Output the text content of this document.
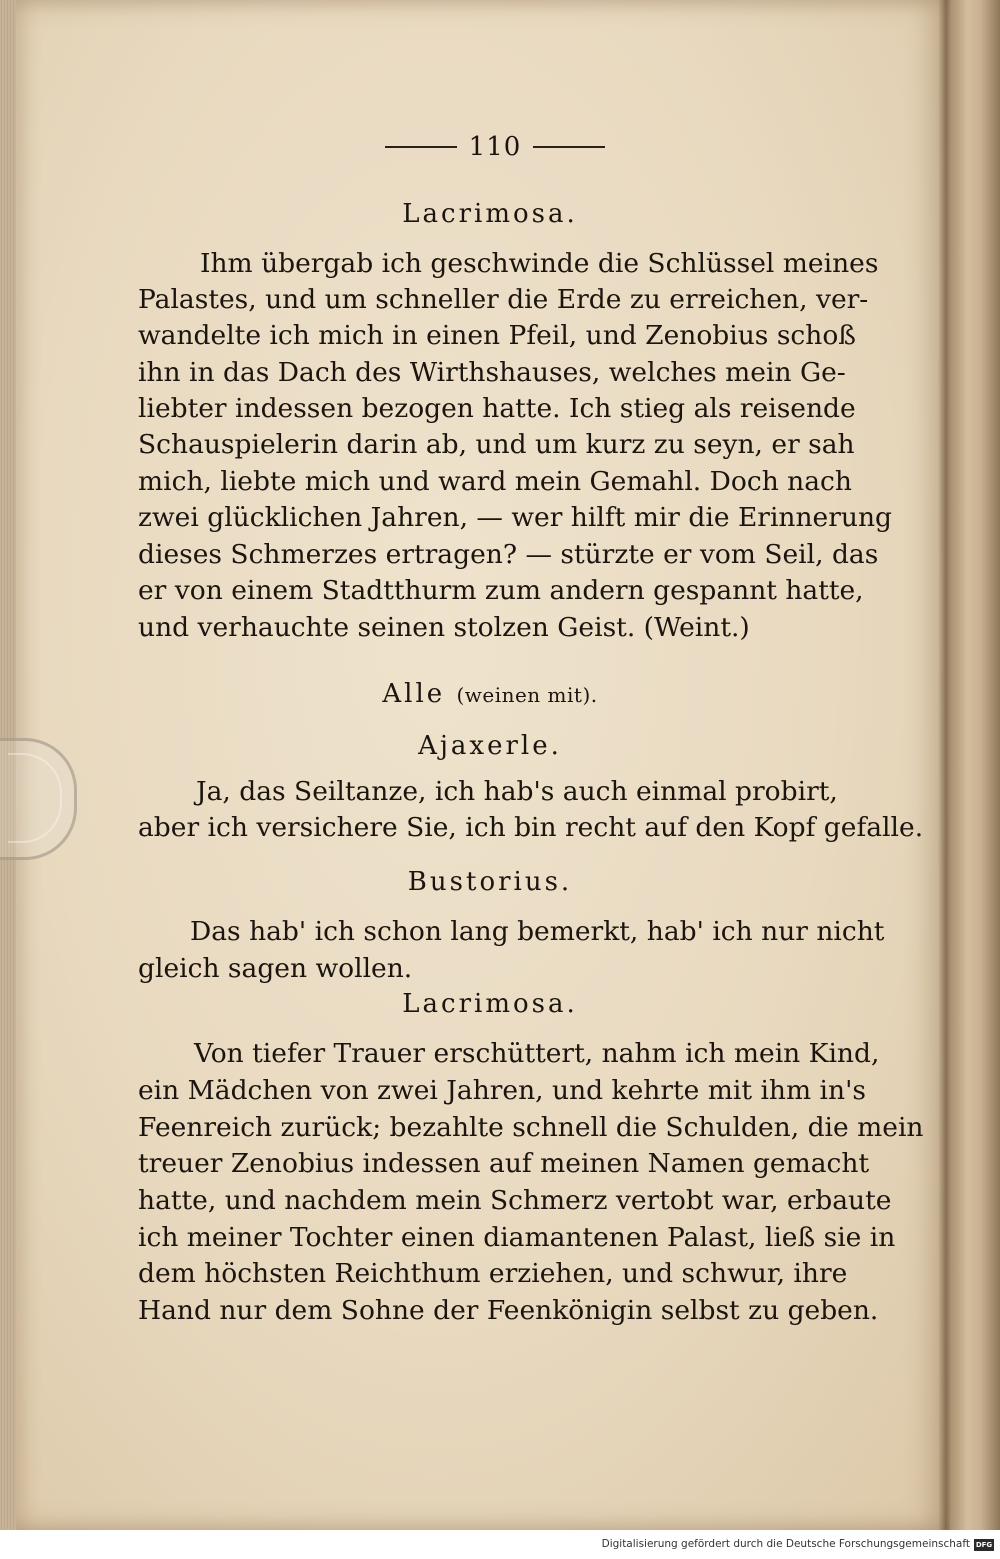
110
Lacrimosa.
Ihm übergab ich geschwinde die Schlüssel meines
Palastes, und um schneller die Erde zu erreichen, ver-
wandelte ich mich in einen Pfeil, und Zenobius schoß
ihn in das Dach des Wirthshauses, welches mein Ge-
liebter indessen bezogen hatte. Ich stieg als reisende
Schauspielerin darin ab, und um kurz zu seyn, er sah
mich, liebte mich und ward mein Gemahl. Doch nach
zwei glücklichen Jahren, — wer hilft mir die Erinnerung
dieses Schmerzes ertragen? — stürzte er vom Seil, das
er von einem Stadtthurm zum andern gespannt hatte,
und verhauchte seinen stolzen Geist. (Weint.)
Alle (weinen mit).
Ajaxerle.
Ja, das Seiltanze, ich hab's auch einmal probirt,
aber ich versichere Sie, ich bin recht auf den Kopf gefalle.
Bustorius.
Das hab' ich schon lang bemerkt, hab' ich nur nicht
gleich sagen wollen.
Lacrimosa.
Von tiefer Trauer erschüttert, nahm ich mein Kind,
ein Mädchen von zwei Jahren, und kehrte mit ihm in's
Feenreich zurück; bezahlte schnell die Schulden, die mein
treuer Zenobius indessen auf meinen Namen gemacht
hatte, und nachdem mein Schmerz vertobt war, erbaute
ich meiner Tochter einen diamantenen Palast, ließ sie in
dem höchsten Reichthum erziehen, und schwur, ihre
Hand nur dem Sohne der Feenkönigin selbst zu geben.
Digitalisierung gefördert durch die Deutsche Forschungsgemeinschaft DFG
